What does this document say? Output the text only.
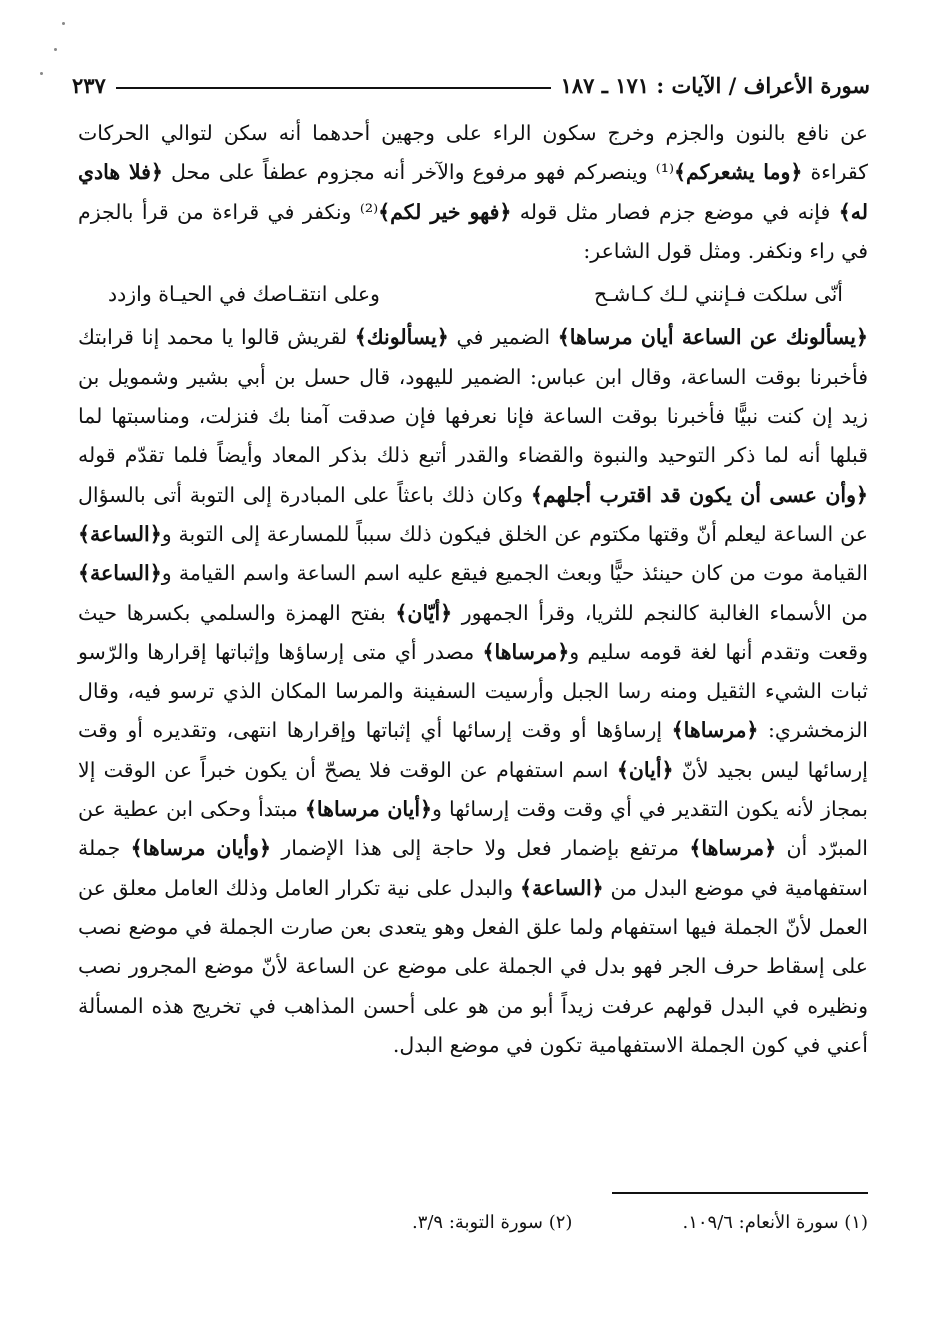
سورة الأعراف / الآيات : ١٧١ ـ ١٨٧
٢٣٧

عن نافع بالنون والجزم وخرج سكون الراء على وجهين أحدهما أنه سكن لتوالي الحركات كقراءة ﴿وما يشعركم﴾⁽¹⁾ وينصركم فهو مرفوع والآخر أنه مجزوم عطفاً على محل ﴿فلا هادي له﴾ فإنه في موضع جزم فصار مثل قوله ﴿فهو خير لكم﴾⁽²⁾ ونكفر في قراءة من قرأ بالجزم في راء ونكفر. ومثل قول الشاعر:

أنّى سلكت فـإنني لـك كـاشـح
وعلى انتقـاصك في الحيـاة وازدد

﴿يسألونك عن الساعة أيان مرساها﴾ الضمير في ﴿يسألونك﴾ لقريش قالوا يا محمد إنا قرابتك فأخبرنا بوقت الساعة، وقال ابن عباس: الضمير لليهود، قال حسل بن أبي بشير وشمويل بن زيد إن كنت نبيًّا فأخبرنا بوقت الساعة فإنا نعرفها فإن صدقت آمنا بك فنزلت، ومناسبتها لما قبلها أنه لما ذكر التوحيد والنبوة والقضاء والقدر أتبع ذلك بذكر المعاد وأيضاً فلما تقدّم قوله ﴿وأن عسى أن يكون قد اقترب أجلهم﴾ وكان ذلك باعثاً على المبادرة إلى التوبة أتى بالسؤال عن الساعة ليعلم أنّ وقتها مكتوم عن الخلق فيكون ذلك سبباً للمسارعة إلى التوبة و﴿الساعة﴾ القيامة موت من كان حينئذ حيًّا وبعث الجميع فيقع عليه اسم الساعة واسم القيامة و﴿الساعة﴾ من الأسماء الغالبة كالنجم للثريا، وقرأ الجمهور ﴿أيّان﴾ بفتح الهمزة والسلمي بكسرها حيث وقعت وتقدم أنها لغة قومه سليم و﴿مرساها﴾ مصدر أي متى إرساؤها وإثباتها إقرارها والرّسو ثبات الشيء الثقيل ومنه رسا الجبل وأرسيت السفينة والمرسا المكان الذي ترسو فيه، وقال الزمخشري: ﴿مرساها﴾ إرساؤها أو وقت إرسائها أي إثباتها وإقرارها انتهى، وتقديره أو وقت إرسائها ليس بجيد لأنّ ﴿أيان﴾ اسم استفهام عن الوقت فلا يصحّ أن يكون خبراً عن الوقت إلا بمجاز لأنه يكون التقدير في أي وقت وقت إرسائها و﴿أيان مرساها﴾ مبتدأ وحكى ابن عطية عن المبرّد أن ﴿مرساها﴾ مرتفع بإضمار فعل ولا حاجة إلى هذا الإضمار ﴿وأيان مرساها﴾ جملة استفهامية في موضع البدل من ﴿الساعة﴾ والبدل على نية تكرار العامل وذلك العامل معلق عن العمل لأنّ الجملة فيها استفهام ولما علق الفعل وهو يتعدى بعن صارت الجملة في موضع نصب على إسقاط حرف الجر فهو بدل في الجملة على موضع عن الساعة لأنّ موضع المجرور نصب ونظيره في البدل قولهم عرفت زيداً أبو من هو على أحسن المذاهب في تخريج هذه المسألة أعني في كون الجملة الاستفهامية تكون في موضع البدل.

(١) سورة الأنعام: ١٠٩/٦.
(٢) سورة التوبة: ٣/٩.
